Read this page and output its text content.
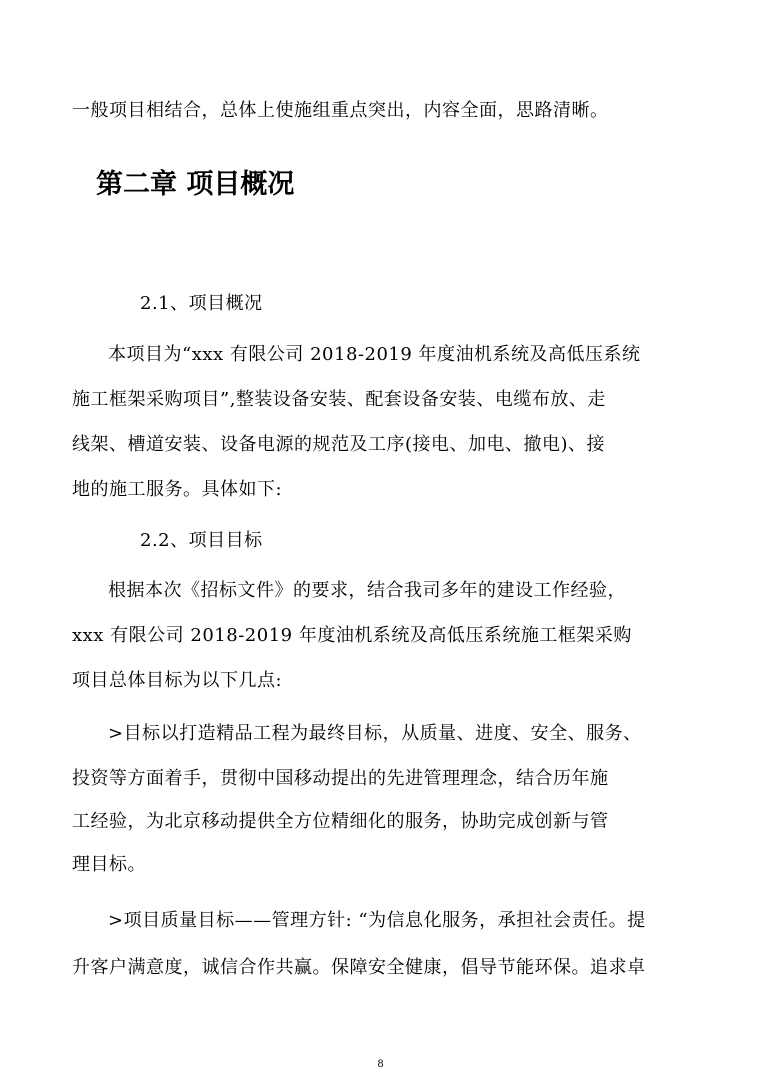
一般项目相结合，总体上使施组重点突出，内容全面，思路清晰。
第二章 项目概况
2.1、项目概况
本项目为“xxx 有限公司 2018-2019 年度油机系统及高低压系统
施工框架采购项目”,整装设备安装、配套设备安装、电缆布放、走
线架、槽道安装、设备电源的规范及工序(接电、加电、撤电)、接
地的施工服务。具体如下:
2.2、项目目标
根据本次《招标文件》的要求，结合我司多年的建设工作经验，
xxx 有限公司 2018-2019 年度油机系统及高低压系统施工框架采购
项目总体目标为以下几点:
>目标以打造精品工程为最终目标，从质量、进度、安全、服务、
投资等方面着手，贯彻中国移动提出的先进管理理念，结合历年施
工经验，为北京移动提供全方位精细化的服务，协助完成创新与管
理目标。
>项目质量目标——管理方针: “为信息化服务，承担社会责任。提
升客户满意度，诚信合作共赢。保障安全健康，倡导节能环保。追求卓
8
